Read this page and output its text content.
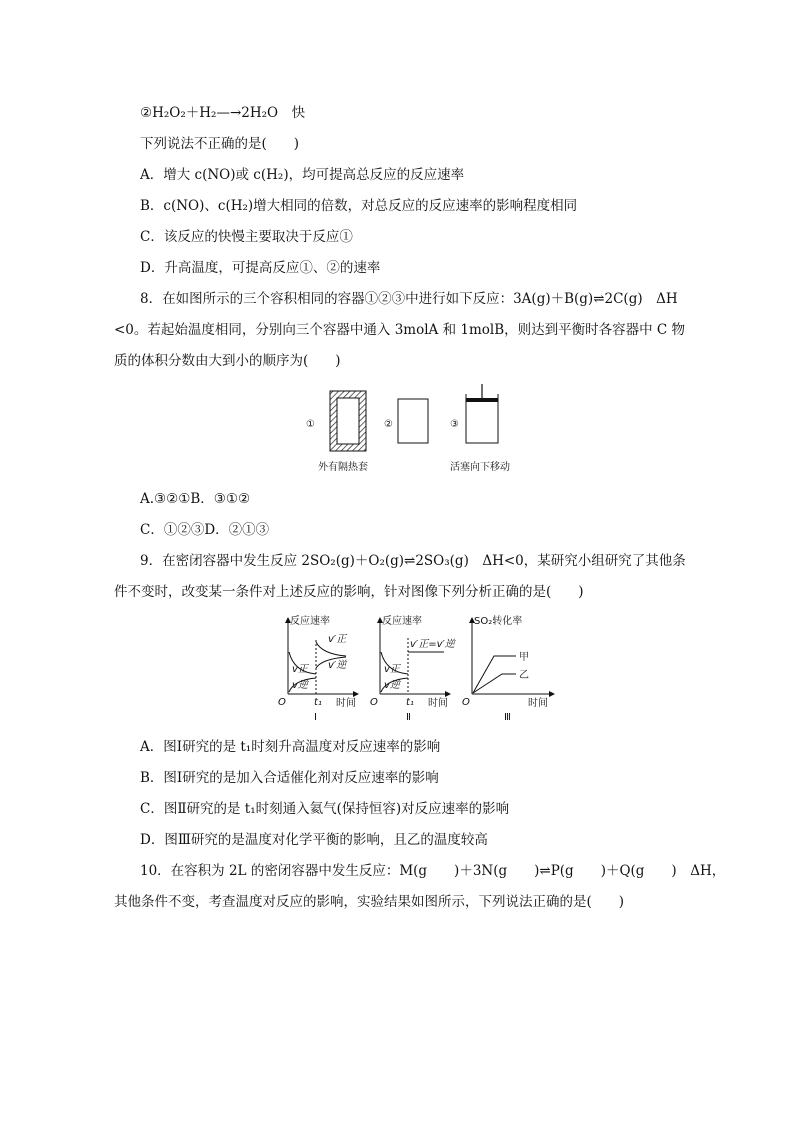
②H₂O₂＋H₂—→2H₂O　快
下列说法不正确的是(　　)
A．增大 c(NO)或 c(H₂)，均可提高总反应的反应速率
B．c(NO)、c(H₂)增大相同的倍数，对总反应的反应速率的影响程度相同
C．该反应的快慢主要取决于反应①
D．升高温度，可提高反应①、②的速率
8．在如图所示的三个容积相同的容器①②③中进行如下反应：3A(g)＋B(g)⇌2C(g)　ΔH
<0。若起始温度相同，分别向三个容器中通入 3molA 和 1molB，则达到平衡时各容器中 C 物
质的体积分数由大到小的顺序为(　　)
①
外有隔热套
②	③
活塞向下移动
A.③②①B．③①②
C．①②③D．②①③
9．在密闭容器中发生反应 2SO₂(g)＋O₂(g)⇌2SO₃(g)　ΔH<0，某研究小组研究了其他条
件不变时，改变某一条件对上述反应的影响，针对图像下列分析正确的是(　　)
反应速率
时间
O	t₁
v正
v逆
v′正
v′逆
Ⅰ
反应速率
时间
O	t₁
v正
v逆
v′正=v′逆
Ⅱ
SO₂转化率
时间
O
甲
乙
Ⅲ
A．图Ⅰ研究的是 t₁时刻升高温度对反应速率的影响
B．图Ⅰ研究的是加入合适催化剂对反应速率的影响
C．图Ⅱ研究的是 t₁时刻通入氦气(保持恒容)对反应速率的影响
D．图Ⅲ研究的是温度对化学平衡的影响，且乙的温度较高
10．在容积为 2L 的密闭容器中发生反应：M(g　　)＋3N(g　　)⇌P(g　　)＋Q(g　　)　ΔH，
其他条件不变，考查温度对反应的影响，实验结果如图所示，下列说法正确的是(　　)
